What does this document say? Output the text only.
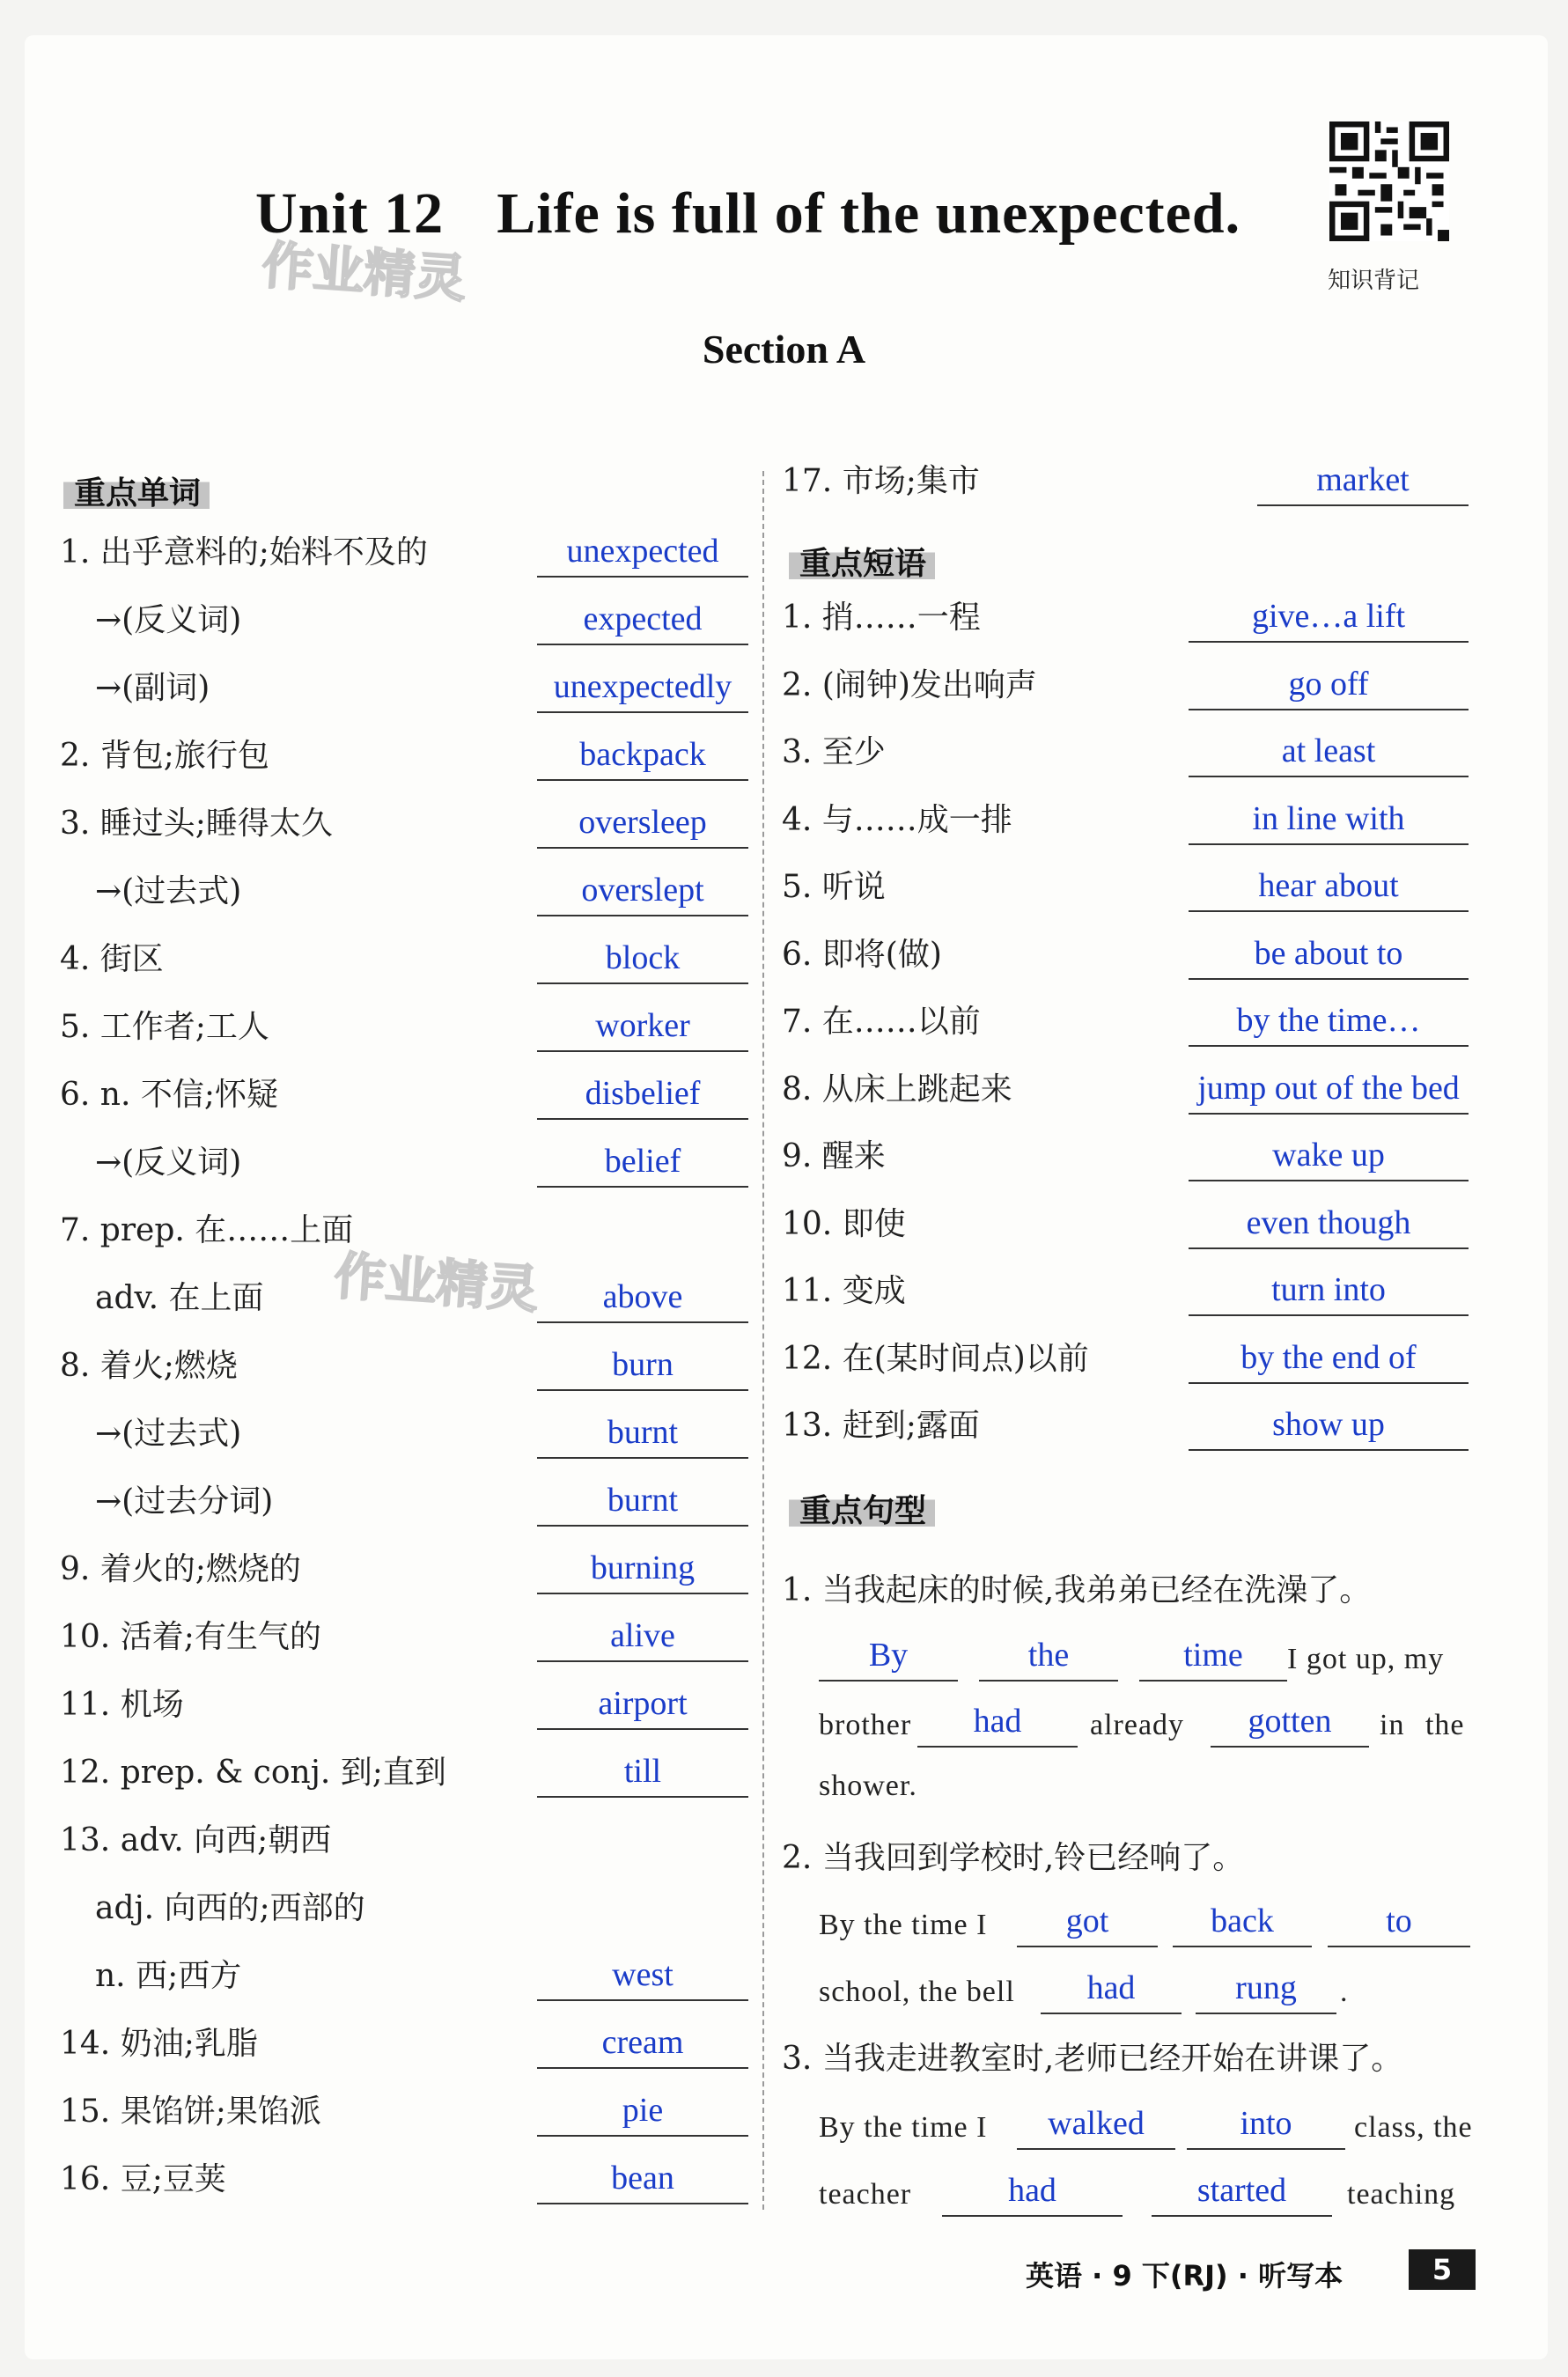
Unit 12 Life is full of the unexpected.
作业精灵
作业精灵
知识背记
Section A
重点单词
1. 出乎意料的;始料不及的	unexpected
→(反义词)	expected
→(副词)	unexpectedly
2. 背包;旅行包	backpack
3. 睡过头;睡得太久	oversleep
→(过去式)	overslept
4. 街区	block
5. 工作者;工人	worker
6. n. 不信;怀疑	disbelief
→(反义词)	belief
7. prep. 在……上面
adv. 在上面	above
8. 着火;燃烧	burn
→(过去式)	burnt
→(过去分词)	burnt
9. 着火的;燃烧的	burning
10. 活着;有生气的	alive
11. 机场	airport
12. prep. & conj. 到;直到	till
13. adv. 向西;朝西
adj. 向西的;西部的
n. 西;西方	west
14. 奶油;乳脂	cream
15. 果馅饼;果馅派	pie
16. 豆;豆荚	bean
17. 市场;集市	market
重点短语
1. 捎……一程	give…a lift
2. (闹钟)发出响声	go off
3. 至少	at least
4. 与……成一排	in line with
5. 听说	hear about
6. 即将(做)	be about to
7. 在……以前	by the time…
8. 从床上跳起来	jump out of the bed
9. 醒来	wake up
10. 即使	even though
11. 变成	turn into
12. 在(某时间点)以前	by the end of
13. 赶到;露面	show up
重点句型
1. 当我起床的时候,我弟弟已经在洗澡了。
By	the	time	I got up, my
brother	had	already	gotten	in the
shower.
2. 当我回到学校时,铃已经响了。
By the time I	got	back	to
school, the bell	had	rung	.
3. 当我走进教室时,老师已经开始在讲课了。
By the time I	walked	into	class, the
teacher	had	started	teaching
英语 · 9 下(RJ) · 听写本	5
